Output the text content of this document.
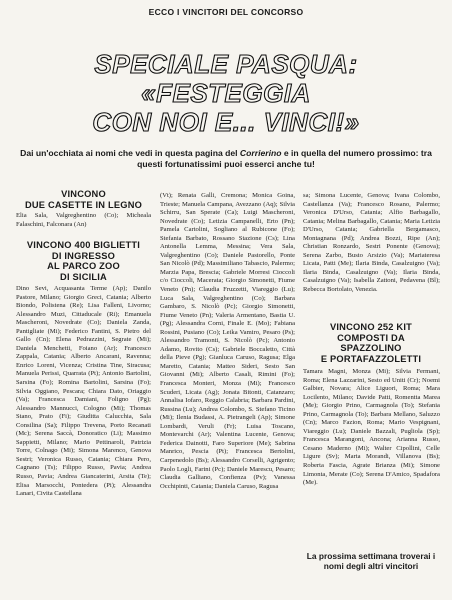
ECCO I VINCITORI DEL CONCORSO
SPECIALE PASQUA:
«FESTEGGIA
CON NOI E... VINCI!»
Dai un'occhiata ai nomi che vedi in questa pagina del Corrierino e in quella del numero prossimo: tra questi fortunatissimi puoi esserci anche tu!
VINCONO
DUE CASETTE IN LEGNO
Elia Sala, Valgreghentino (Co); Micheala Falaschini, Falconara (An)
VINCONO 400 BIGLIETTI
DI INGRESSO
AL PARCO ZOO
DI SICILIA
Dino Sevi, Acquasanta Terme (Ap); Danilo Pastore, Milano; Giorgio Greci, Catania; Alberto Biondo, Polistena (Re); Lisa Falleni, Livorno; Alessandro Muzi, Cittaducale (Ri); Emanuela Mascheroni, Novedrate (Co); Daniela Zanda, Pantigliate (Mi); Federico Fantini, S. Pietro del Gallo (Cn); Elena Pedrazzini, Segrate (Mi); Daniela Menchetti, Foiano (Ar); Francesco Zappala, Catania; Alberto Ancarani, Ravenna; Enrico Loreni, Vicenza; Cristina Tine, Siracusa; Manuela Perissi, Quarrata (Pt); Antonio Bartolini, Sarsina (Fo); Romina Bartolini, Sarsina (Fo); Silvia Oggiano, Pescara; Chiara Dato, Oriaggio (Va); Francesca Damiani, Foligno (Pg); Alessandro Mannucci, Cologno (Mi); Thomas Stano, Prato (Fi); Giuditta Calucchia, Sala Consilina (Sa); Filippo Trevena, Porto Recanati (Mc); Serena Saccà, Donoratico (Li); Massimo Sappietti, Milano; Mario Pettinaroli, Patrizia Torre, Colnago (Mi); Simona Marenco, Genova Sestri; Veronica Russo, Catania; Chiara Pero, Cagnano (Ts); Filippo Russo, Pavia; Andrea Russo, Pavia; Andrea Giancaterini, Arsita (Te); Elisa Marsocchi, Pontedera (Pi); Alessandra Lanari, Civita Castellana
(Vt); Renata Galli, Cremona; Monica Goina, Trieste; Manuela Campana, Avezzano (Aq); Silvia Schirru, San Sperate (Ca); Luigi Mascheroni, Novedrate (Co); Letizia Campanelli, Erto (Pn); Pamela Cartolini, Sogliano al Rubicone (Fo); Stefania Barbato, Rossano Stazione (Cs); Lina Antonella Lemma, Messina; Vera Sala, Valgreghentino (Co); Daniele Pastorello, Ponte San Nicolò (Pd); Massimiliano Tabascio, Palermo; Marzia Papa, Brescia; Gabriele Morresi Cioccoli c/o Cioccoli, Macerata; Giorgio Simonetti, Fiume Veneto (Pn); Claudia Fruzzetti, Viareggio (Lu); Luca Sala, Valgreghentino (Co); Barbara Gambaro, S. Nicolò (Pc); Giorgio Simonetti, Fiume Veneto (Pn); Valeria Armentano, Bastia U. (Pg); Alessandra Corni, Finale E. (Mo); Fabiana Rossini, Pusiano (Co); Leika Vamiro, Pesaro (Ps); Alessandro Tramonti, S. Nicolò (Pc); Antonio Adamo, Rovito (Cs); Gabriele Boccaletto, Città della Pieve (Pg); Gianluca Caruso, Ragusa; Elga Maretto, Catania; Matteo Sideri, Sesto San Giovanni (Mi); Alberto Casali, Rimini (Fo); Francesca Monteri, Monza (Mi); Francesco Scuderi, Licata (Ag); Jonata Bitonti, Catanzaro; Annalisa Iofaro, Reggio Calabria; Barbara Pardini, Russina (Lu); Andrea Colombo, S. Stefano Ticino (Mi); Ilenia Budassi, A. Pietrangeli (Ap); Simone Lombardi, Veruli (Fr); Luisa Toscano, Montevarchi (Ar); Valentina Lucente, Genova; Federica Dainotti, Faro Superiore (Me); Sabrina Manrico, Pescia (Pt); Francesca Bertolini, Carpenedolo (Bs); Alessandro Corselli, Agrigento; Paolo Logli, Farini (Pc); Daniele Marescu, Pesaro; Claudia Galliano, Confienza (Pv); Vanessa Occhipinti, Catania; Daniela Caruso, Ragusa
sa; Simona Lucente, Genova; Ivana Colombo, Castellanza (Va); Francesco Rosano, Palermo; Veronica D'Urso, Catania; Alfio Barbagallo, Catania; Melina Barbagallo, Catania; Maria Letizia D'Urso, Catania; Gabriella Bergamasco, Montagnana (Pd); Andrea Bozzi, Ripe (An); Christian Ronzardo, Sestri Ponente (Genova); Serena Zarbo, Busto Arsizio (Va); Mariateresa Licata, Patti (Me); Ilaria Binda, Casalzuigno (Va); Ilaria Binda, Casalzuigno (Va); Ilaria Binda, Casalzuigno (Va); Isabella Zattoni, Pedavena (Bl); Rebecca Bortolato, Venezia.
VINCONO 252 KIT
COMPOSTI DA
SPAZZOLINO
E PORTAFAZZOLETTI
Tamara Magni, Monza (Mi); Silvia Fermani, Roma; Elena Lazzarini, Sesto ed Uniti (Cr); Noemi Galbier, Novara; Alice Liguori, Roma; Mara Locilento, Milano; Davide Patti, Romentta Marea (Me); Giorgio Prino, Carmagnola (To); Stefania Prino, Carmagnola (To); Barbara Mellano, Saluzzo (Cn); Marco Fazion, Roma; Mario Vespignani, Viareggio (Lu); Daniele Bazzali, Pugliola (Sp); Francesca Marangoni, Ancona; Arianna Russo, Cesano Maderno (Mi); Walter Cipollini, Celle Ligure (Sv); Marta Morandi, Villanova (Bs); Roberta Fascia, Agrate Brianza (Mi); Simone Limonta, Merate (Co); Serena D'Amico, Spadafora (Me).
La prossima settimana troverai i nomi degli altri vincitori
